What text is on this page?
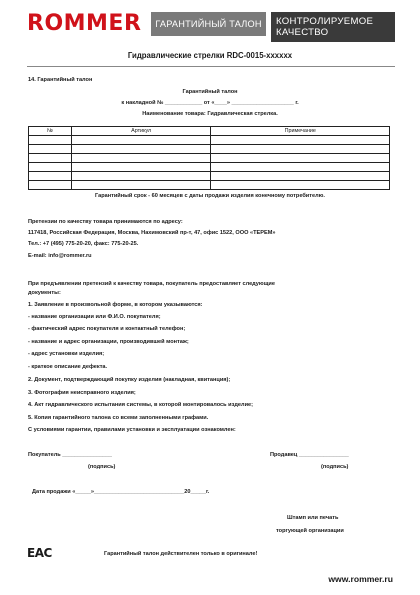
ROMMER	ГАРАНТИЙНЫЙ ТАЛОН	КОНТРОЛИРУЕМОЕ
КАЧЕСТВО
Гидравлические стрелки RDC-0015-xxxxxx
14. Гарантийный талон
Гарантийный талон
к накладной № ____________ от «____» ____________________ г.
Наименование товара: Гидравлическая стрелка.
№	Артикул	Примечание

Гарантийный срок - 60 месяцев с даты продажи изделия конечному потребителю.
Претензии по качеству товара принимаются по адресу:
117418, Российская Федерация, Москва, Нахимовский пр-т, 47, офис 1522, ООО «ТЕРЕМ»
Тел.: +7 (495) 775-20-20, факс: 775-20-25.
E-mail: info@rommer.ru
При предъявлении претензий к качеству товара, покупатель предоставляет следующие
документы:
1. Заявление в произвольной форме, в котором указываются:
- название организации или Ф.И.О. покупателя;
- фактический адрес покупателя и контактный телефон;
- название и адрес организации, производившей монтаж;
- адрес установки изделия;
- краткое описание дефекта.
2. Документ, подтверждающий покупку изделия (накладная, квитанция);
3. Фотография неисправного изделия;
4. Акт гидравлического испытания системы, в которой монтировалось изделие;
5. Копия гарантийного талона со всеми заполненными графами.
С условиями гарантии, правилами установки и эксплуатации ознакомлен:
Покупатель ________________
(подпись)
Продавец ________________
(подпись)
Дата продажи «_____»_____________________________20_____г.
Штамп или печать
торгующей организации
EAC	Гарантийный талон действителен только в оригинале!
www.rommer.ru
